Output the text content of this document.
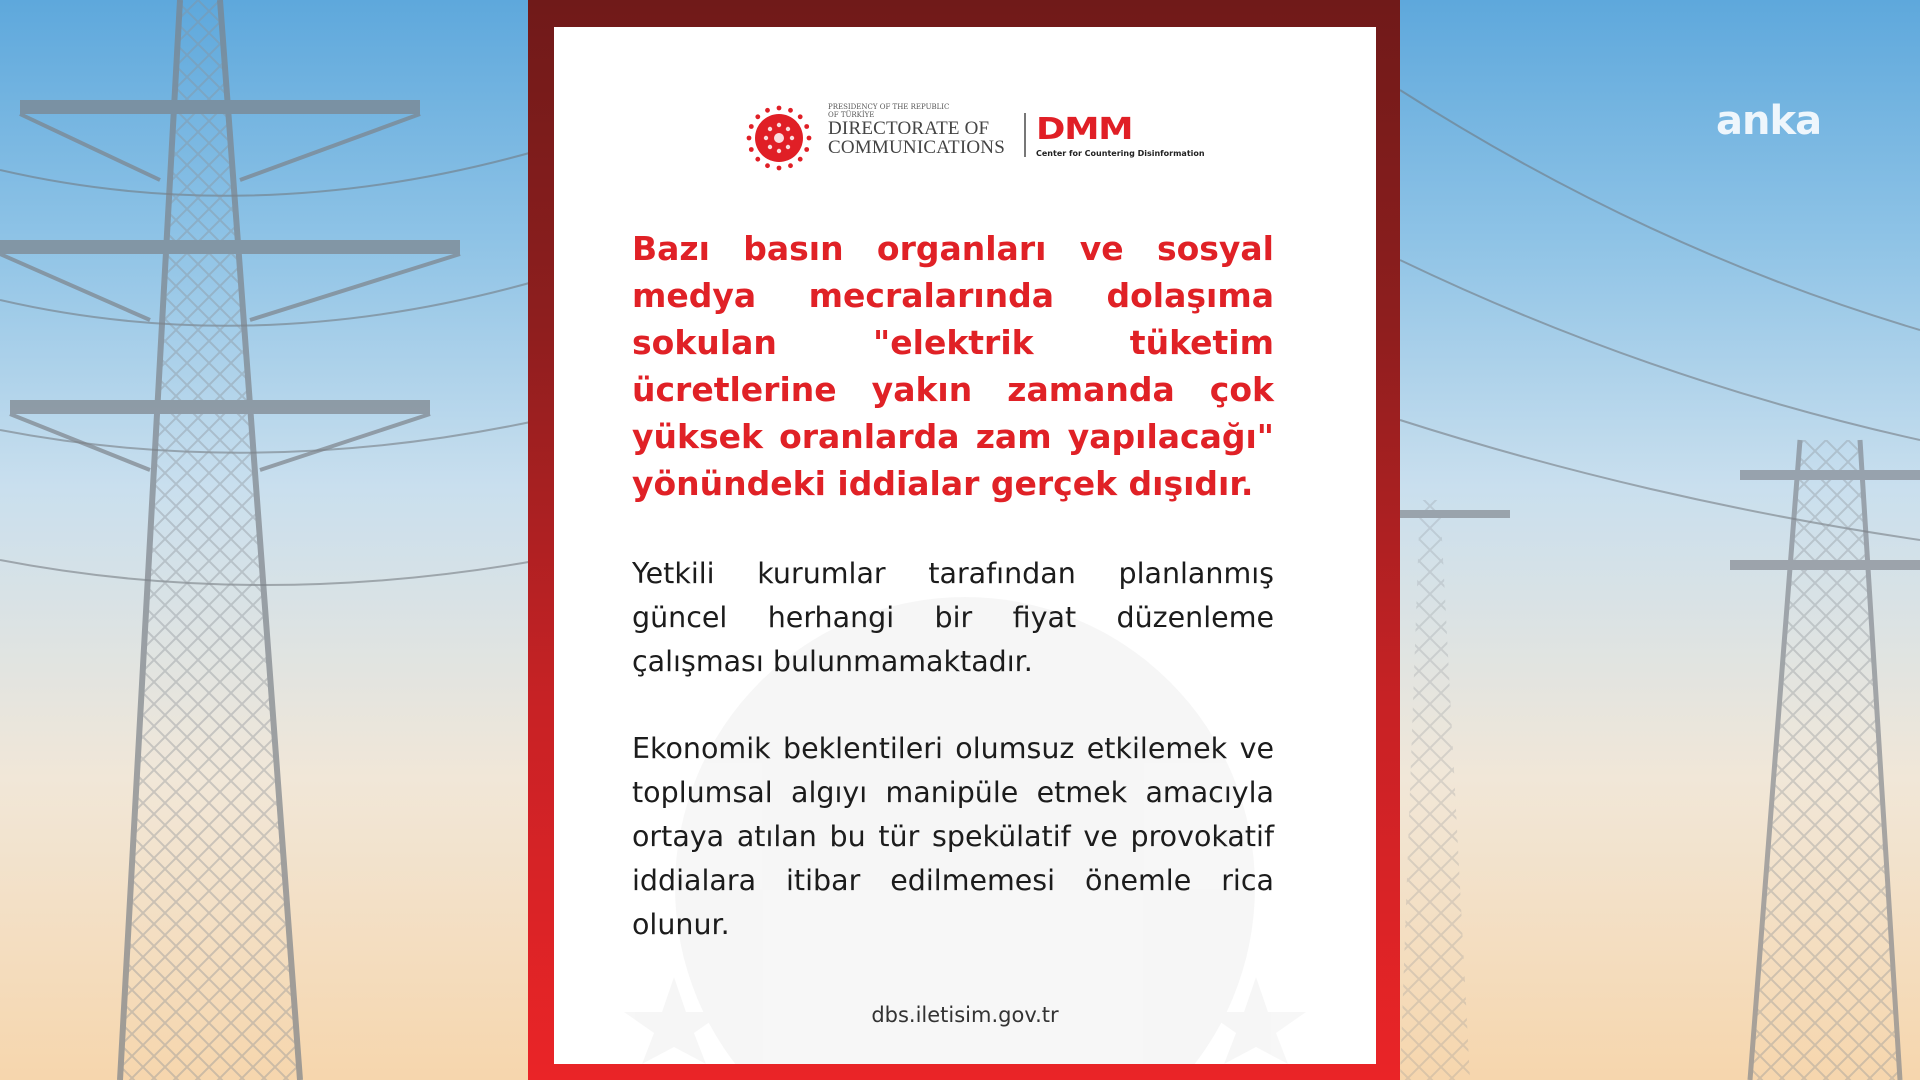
anka
PRESIDENCY OF THE REPUBLIC OF TÜRKİYE
DIRECTORATE OF COMMUNICATIONS
DMM
Center for Countering Disinformation
Bazı basın organları ve sosyal medya mecralarında dolaşıma sokulan "elektrik tüketim ücretlerine yakın zamanda çok yüksek oranlarda zam yapılacağı" yönündeki iddialar gerçek dışıdır.
Yetkili kurumlar tarafından planlanmış güncel herhangi bir fiyat düzenleme çalışması bulunmamaktadır.
Ekonomik beklentileri olumsuz etkilemek ve toplumsal algıyı manipüle etmek amacıyla ortaya atılan bu tür spekülatif ve provokatif iddialara itibar edilmemesi önemle rica olunur.
dbs.iletisim.gov.tr
